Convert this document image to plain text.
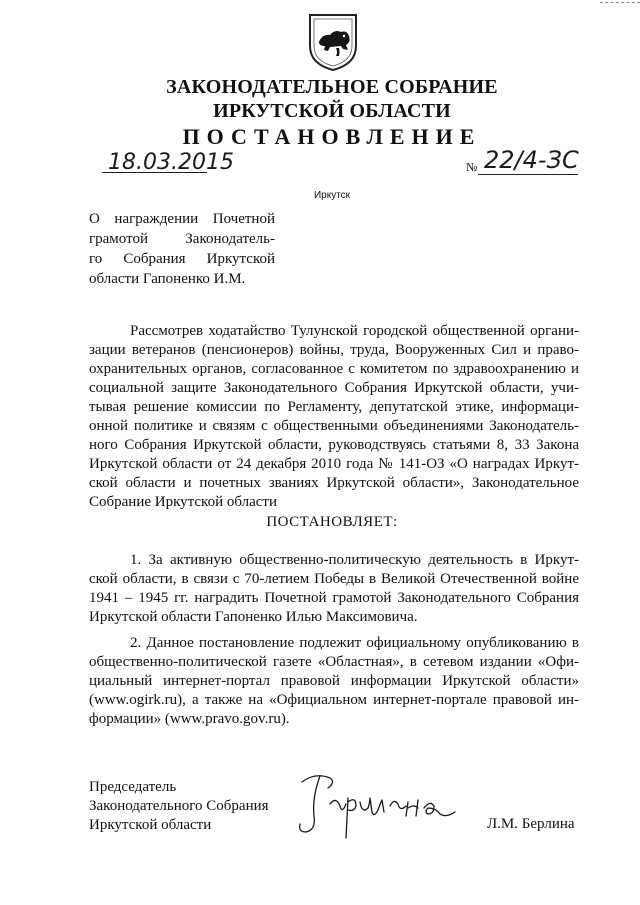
ЗАКОНОДАТЕЛЬНОЕ СОБРАНИЕ
ИРКУТСКОЙ ОБЛАСТИ
ПОСТАНОВЛЕНИЕ
18.03.2015	№ 22/4-ЗС
Иркутск
О награждении Почетной
грамотой Законодатель-
го Собрания Иркутской
области Гапоненко И.М.
Рассмотрев ходатайство Тулунской городской общественной органи-
зации ветеранов (пенсионеров) войны, труда, Вооруженных Сил и право-
охранительных органов, согласованное с комитетом по здравоохранению и
социальной защите Законодательного Собрания Иркутской области, учи-
тывая решение комиссии по Регламенту, депутатской этике, информаци-
онной политике и связям с общественными объединениями Законодатель-
ного Собрания Иркутской области, руководствуясь статьями 8, 33 Закона
Иркутской области от 24 декабря 2010 года № 141-ОЗ «О наградах Иркут-
ской области и почетных званиях Иркутской области», Законодательное
Собрание Иркутской области
ПОСТАНОВЛЯЕТ:
1. За активную общественно-политическую деятельность в Иркут-
ской области, в связи с 70-летием Победы в Великой Отечественной войне
1941 – 1945 гг. наградить Почетной грамотой Законодательного Собрания
Иркутской области Гапоненко Илью Максимовича.
2. Данное постановление подлежит официальному опубликованию в
общественно-политической газете «Областная», в сетевом издании «Офи-
циальный интернет-портал правовой информации Иркутской области»
(www.ogirk.ru), а также на «Официальном интернет-портале правовой ин-
формации» (www.pravo.gov.ru).
Председатель
Законодательного Собрания
Иркутской области	Л.М. Берлина
